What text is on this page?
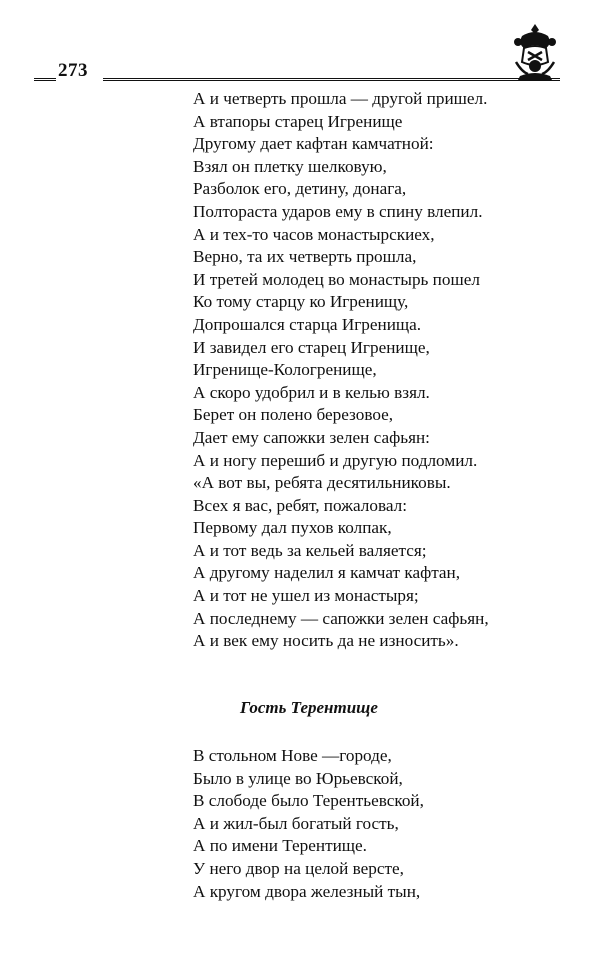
273
А и четверть прошла — другой пришел.
А втапоры старец Игренище
Другому дает кафтан камчатной:
Взял он плетку шелковую,
Разболок его, детину, донага,
Полтораста ударов ему в спину влепил.
А и тех-то часов монастырскиех,
Верно, та их четверть прошла,
И третей молодец во монастырь пошел
Ко тому старцу ко Игренищу,
Допрошался старца Игренища.
И завидел его старец Игренище,
Игренище-Кологренище,
А скоро удобрил и в келью взял.
Берет он полено березовое,
Дает ему сапожки зелен сафьян:
А и ногу перешиб и другую подломил.
«А вот вы, ребята десятильниковы.
Всех я вас, ребят, пожаловал:
Первому дал пухов колпак,
А и тот ведь за кельей валяется;
А другому наделил я камчат кафтан,
А и тот не ушел из монастыря;
А последнему — сапожки зелен сафьян,
А и век ему носить да не износить».
Гость Терентище
В стольном Нове —городе,
Было в улице во Юрьевской,
В слободе было Терентьевской,
А и жил-был богатый гость,
А по имени Терентище.
У него двор на целой версте,
А кругом двора железный тын,
